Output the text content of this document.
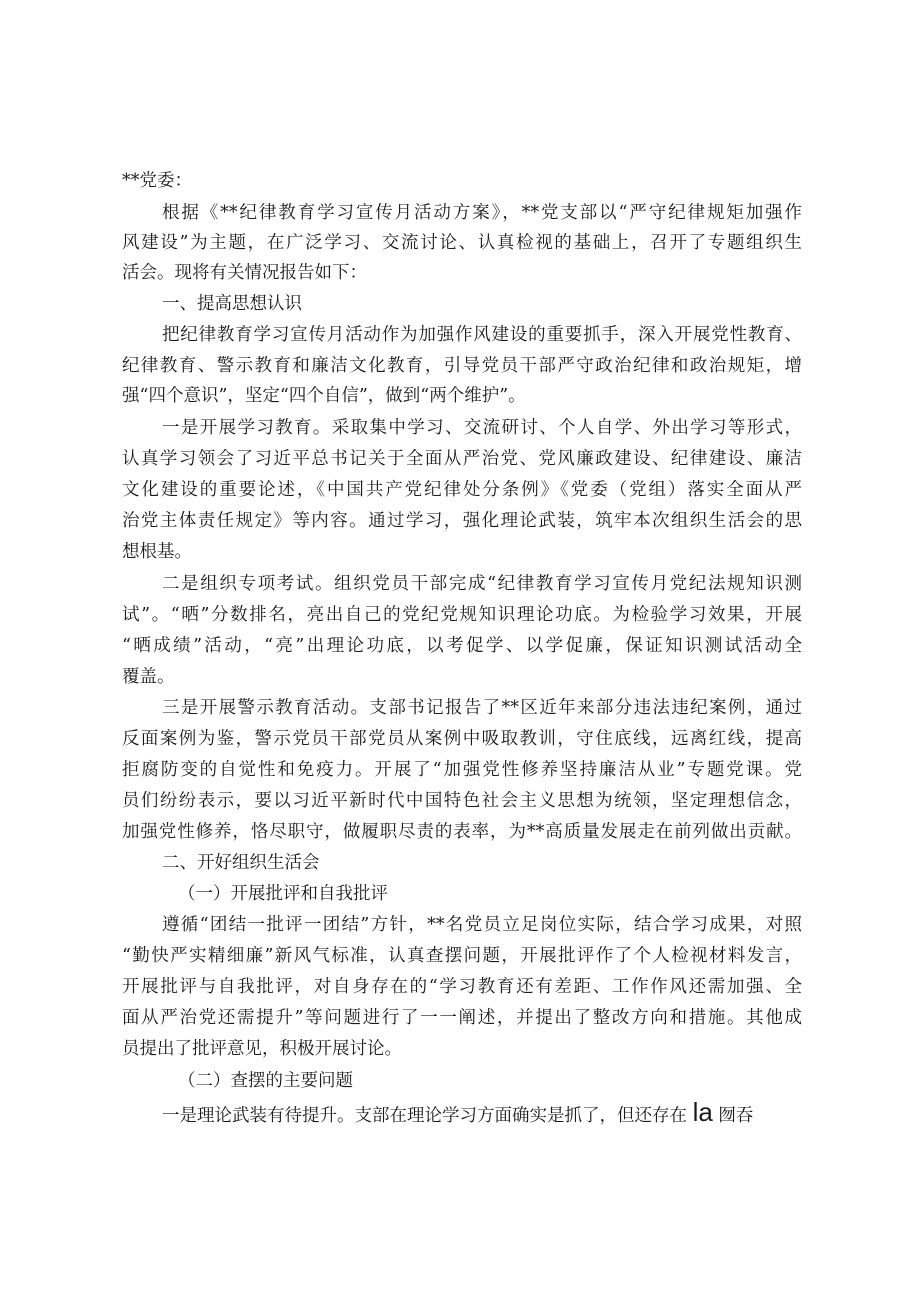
**党委：
根据《**纪律教育学习宣传月活动方案》，**党支部以“严守纪律规矩加强作
风建设”为主题，在广泛学习、交流讨论、认真检视的基础上，召开了专题组织生
活会。现将有关情况报告如下：
一、提高思想认识
把纪律教育学习宣传月活动作为加强作风建设的重要抓手，深入开展党性教育、
纪律教育、警示教育和廉洁文化教育，引导党员干部严守政治纪律和政治规矩，增
强“四个意识”，坚定“四个自信”，做到“两个维护”。
一是开展学习教育。采取集中学习、交流研讨、个人自学、外出学习等形式，
认真学习领会了习近平总书记关于全面从严治党、党风廉政建设、纪律建设、廉洁
文化建设的重要论述，《中国共产党纪律处分条例》《党委（党组）落实全面从严
治党主体责任规定》等内容。通过学习，强化理论武装，筑牢本次组织生活会的思
想根基。
二是组织专项考试。组织党员干部完成“纪律教育学习宣传月党纪法规知识测
试”。“晒”分数排名，亮出自己的党纪党规知识理论功底。为检验学习效果，开展
“晒成绩”活动，“亮”出理论功底，以考促学、以学促廉，保证知识测试活动全
覆盖。
三是开展警示教育活动。支部书记报告了**区近年来部分违法违纪案例，通过
反面案例为鉴，警示党员干部党员从案例中吸取教训，守住底线，远离红线，提高
拒腐防变的自觉性和免疫力。开展了“加强党性修养坚持廉洁从业”专题党课。党
员们纷纷表示，要以习近平新时代中国特色社会主义思想为统领，坚定理想信念，
加强党性修养，恪尽职守，做履职尽责的表率，为**高质量发展走在前列做出贡献。
二、开好组织生活会
（一）开展批评和自我批评
遵循“团结一批评一团结”方针，**名党员立足岗位实际，结合学习成果，对照
“勤快严实精细廉”新风气标准，认真查摆问题，开展批评作了个人检视材料发言，
开展批评与自我批评，对自身存在的“学习教育还有差距、工作作风还需加强、全
面从严治党还需提升”等问题进行了一一阐述，并提出了整改方向和措施。其他成
员提出了批评意见，积极开展讨论。
（二）查摆的主要问题
一是理论武装有待提升。支部在理论学习方面确实是抓了，但还存在 la 囫吞
